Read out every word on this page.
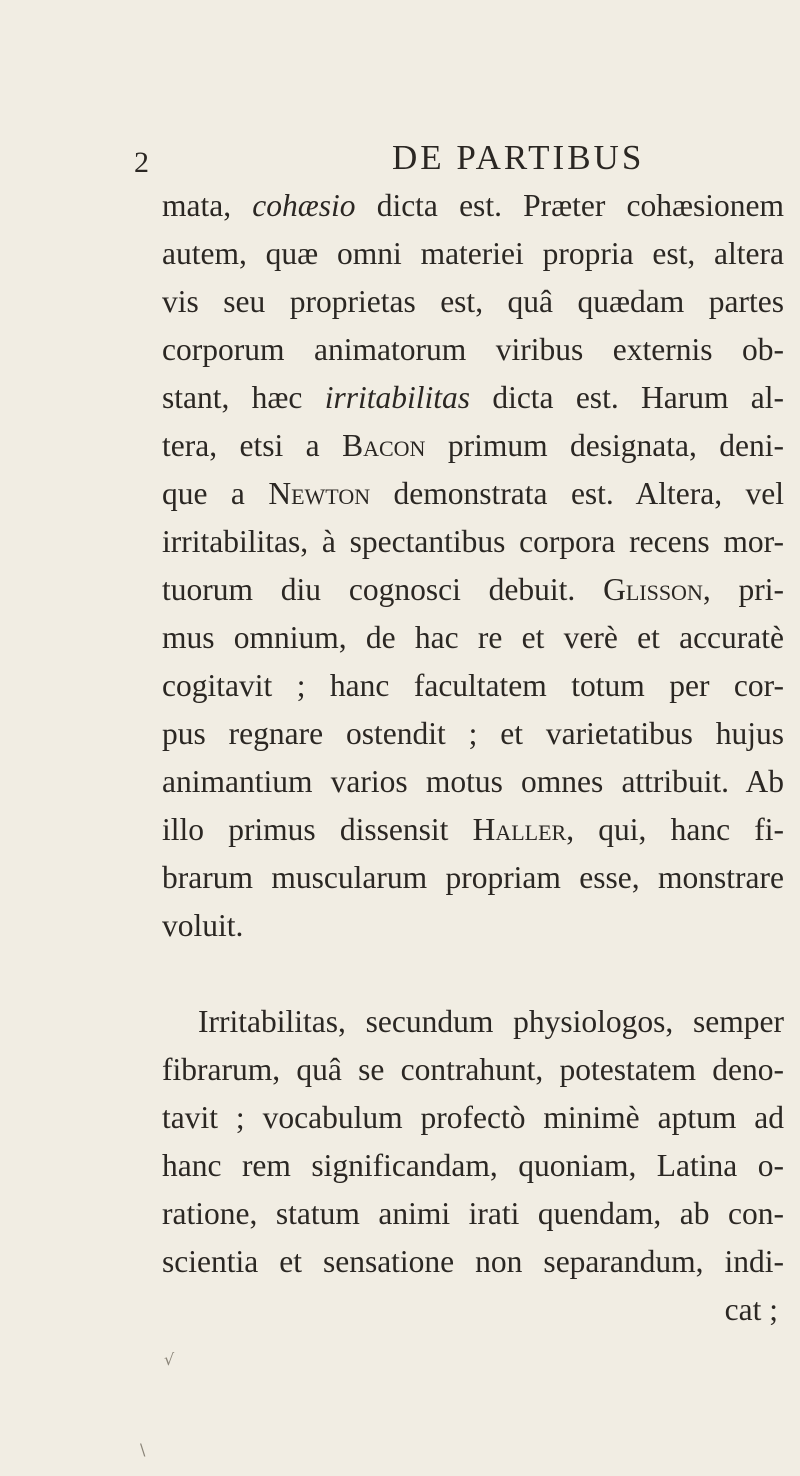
2	DE PARTIBUS
mata, cohæsio dicta est. Præter cohæsionem
autem, quæ omni materiei propria est, altera
vis seu proprietas est, quâ quædam partes
corporum animatorum viribus externis ob-
stant, hæc irritabilitas dicta est. Harum al-
tera, etsi a Bacon primum designata, deni-
que a Newton demonstrata est. Altera, vel
irritabilitas, à spectantibus corpora recens mor-
tuorum diu cognosci debuit. Glisson, pri-
mus omnium, de hac re et verè et accuratè
cogitavit ; hanc facultatem totum per cor-
pus regnare ostendit ; et varietatibus hujus
animantium varios motus omnes attribuit. Ab
illo primus dissensit Haller, qui, hanc fi-
brarum muscularum propriam esse, monstrare
voluit.
Irritabilitas, secundum physiologos, semper
fibrarum, quâ se contrahunt, potestatem deno-
tavit ; vocabulum profectò minimè aptum ad
hanc rem significandam, quoniam, Latina o-
ratione, statum animi irati quendam, ab con-
scientia et sensatione non separandum, indi-
cat ;
√
\
